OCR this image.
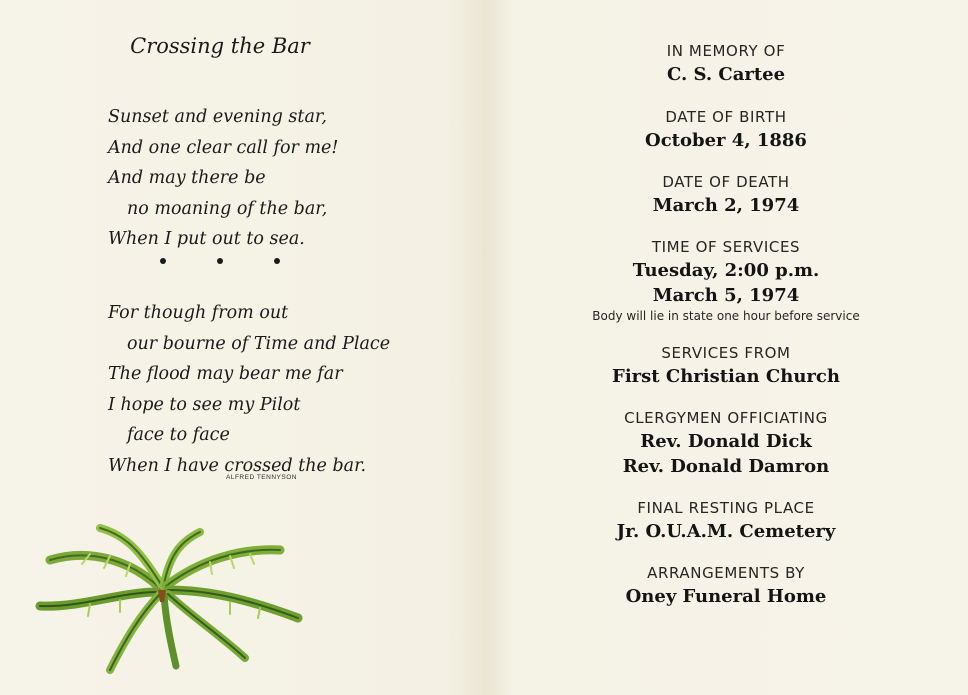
Crossing the Bar
Sunset and evening star,
And one clear call for me!
And may there be
no moaning of the bar,
When I put out to sea.
For though from out
our bourne of Time and Place
The flood may bear me far
I hope to see my Pilot
face to face
When I have crossed the bar.
ALFRED TENNYSON
IN MEMORY OF
C. S. Cartee
DATE OF BIRTH
October 4, 1886
DATE OF DEATH
March 2, 1974
TIME OF SERVICES
Tuesday, 2:00 p.m.
March 5, 1974
Body will lie in state one hour before service
SERVICES FROM
First Christian Church
CLERGYMEN OFFICIATING
Rev. Donald Dick
Rev. Donald Damron
FINAL RESTING PLACE
Jr. O.U.A.M. Cemetery
ARRANGEMENTS BY
Oney Funeral Home
